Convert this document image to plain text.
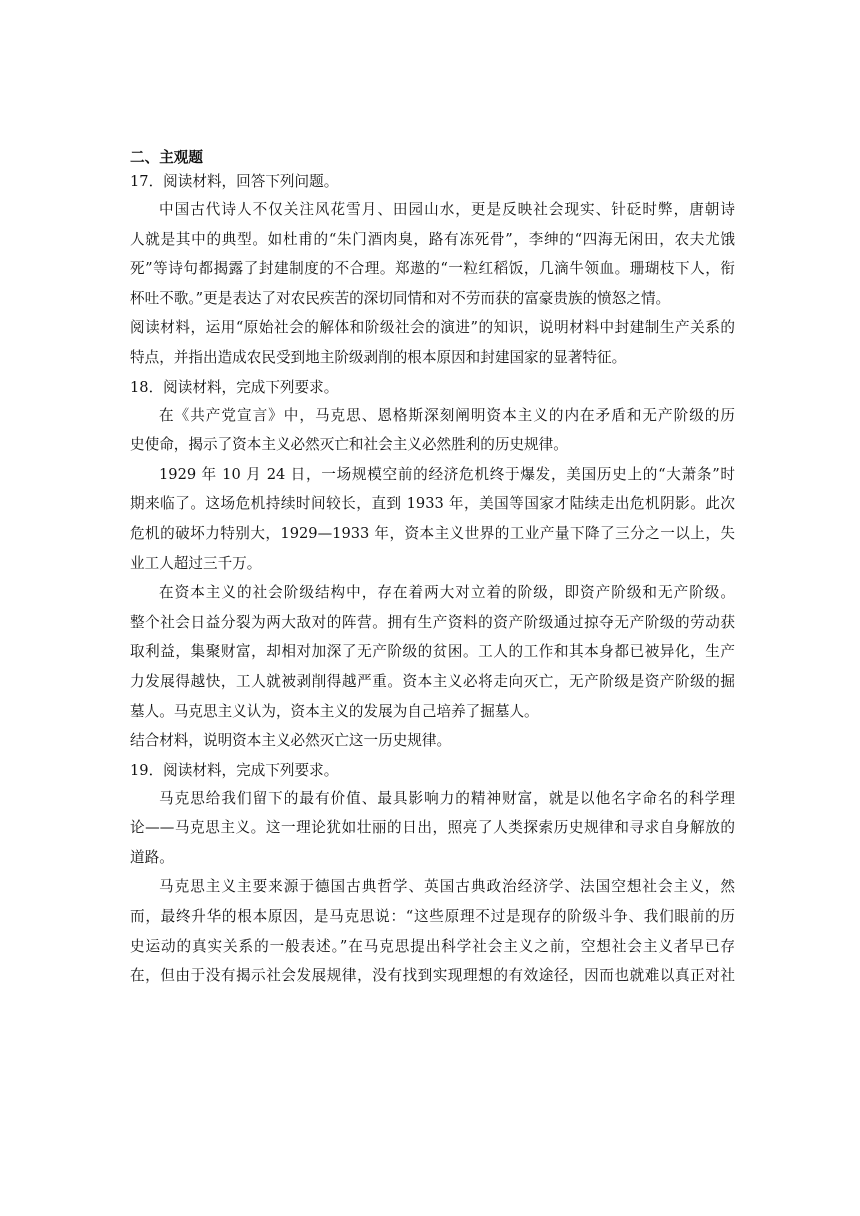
二、主观题
17．阅读材料，回答下列问题。
中国古代诗人不仅关注风花雪月、田园山水，更是反映社会现实、针砭时弊，唐朝诗
人就是其中的典型。如杜甫的“朱门酒肉臭，路有冻死骨”，李绅的“四海无闲田，农夫尤饿
死”等诗句都揭露了封建制度的不合理。郑遨的“一粒红稻饭，几滴牛领血。珊瑚枝下人，衔
杯吐不歌。”更是表达了对农民疾苦的深切同情和对不劳而获的富豪贵族的愤怒之情。
阅读材料，运用“原始社会的解体和阶级社会的演进”的知识，说明材料中封建制生产关系的
特点，并指出造成农民受到地主阶级剥削的根本原因和封建国家的显著特征。
18．阅读材料，完成下列要求。
在《共产党宣言》中，马克思、恩格斯深刻阐明资本主义的内在矛盾和无产阶级的历
史使命，揭示了资本主义必然灭亡和社会主义必然胜利的历史规律。
1929 年 10 月 24 日，一场规模空前的经济危机终于爆发，美国历史上的“大萧条”时
期来临了。这场危机持续时间较长，直到 1933 年，美国等国家才陆续走出危机阴影。此次
危机的破坏力特别大，1929—1933 年，资本主义世界的工业产量下降了三分之一以上，失
业工人超过三千万。
在资本主义的社会阶级结构中，存在着两大对立着的阶级，即资产阶级和无产阶级。
整个社会日益分裂为两大敌对的阵营。拥有生产资料的资产阶级通过掠夺无产阶级的劳动获
取利益，集聚财富，却相对加深了无产阶级的贫困。工人的工作和其本身都已被异化，生产
力发展得越快，工人就被剥削得越严重。资本主义必将走向灭亡，无产阶级是资产阶级的掘
墓人。马克思主义认为，资本主义的发展为自己培养了掘墓人。
结合材料，说明资本主义必然灭亡这一历史规律。
19．阅读材料，完成下列要求。
马克思给我们留下的最有价值、最具影响力的精神财富，就是以他名字命名的科学理
论——马克思主义。这一理论犹如壮丽的日出，照亮了人类探索历史规律和寻求自身解放的
道路。
马克思主义主要来源于德国古典哲学、英国古典政治经济学、法国空想社会主义，然
而，最终升华的根本原因，是马克思说：“这些原理不过是现存的阶级斗争、我们眼前的历
史运动的真实关系的一般表述。”在马克思提出科学社会主义之前，空想社会主义者早已存
在，但由于没有揭示社会发展规律，没有找到实现理想的有效途径，因而也就难以真正对社
